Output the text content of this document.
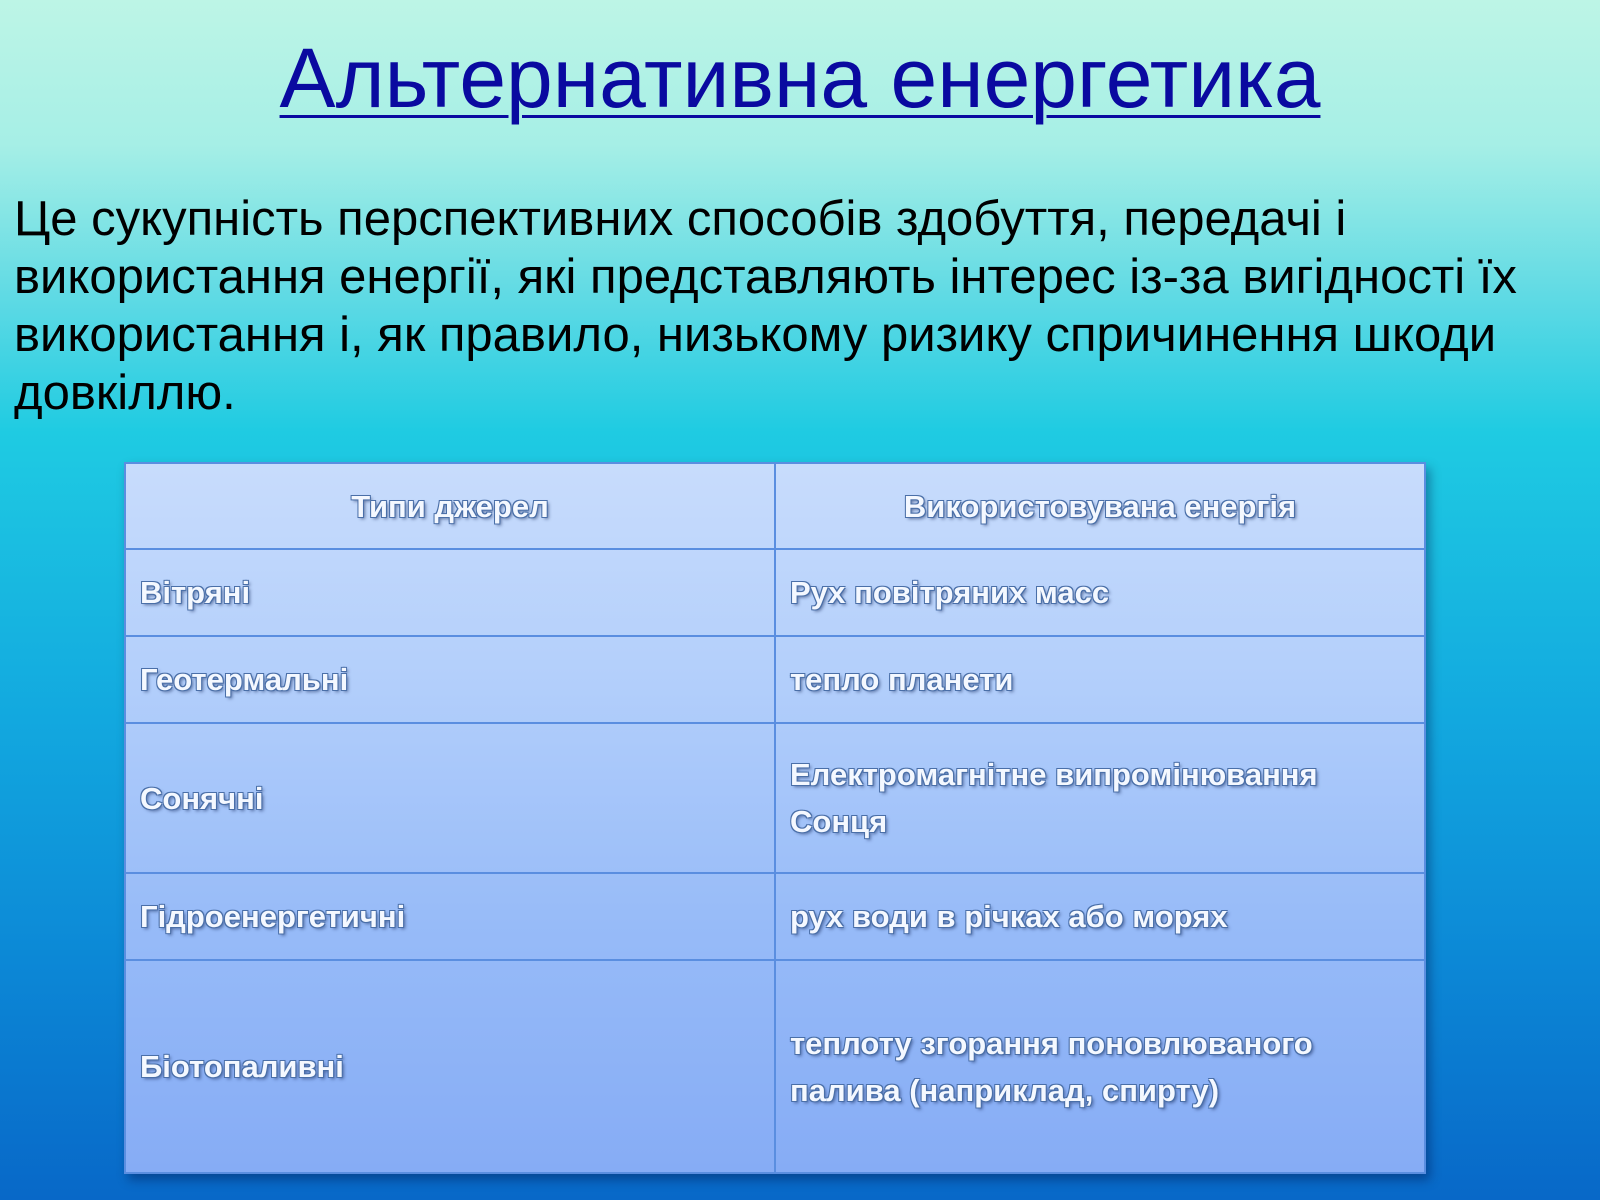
Альтернативна енергетика

Це сукупність перспективних способів здобуття, передачі і використання енергії, які представляють інтерес із-за вигідності їх використання і, як правило, низькому ризику спричинення шкоди довкіллю.

Типи джерел	Використовувана енергія
Вітряні	Рух повітряних масс
Геотермальні	тепло планети
Сонячні	Електромагнітне випромінювання Сонця
Гідроенергетичні	рух води в річках або морях
Біотопаливні	теплоту згорання поновлюваного палива (наприклад, спирту)
